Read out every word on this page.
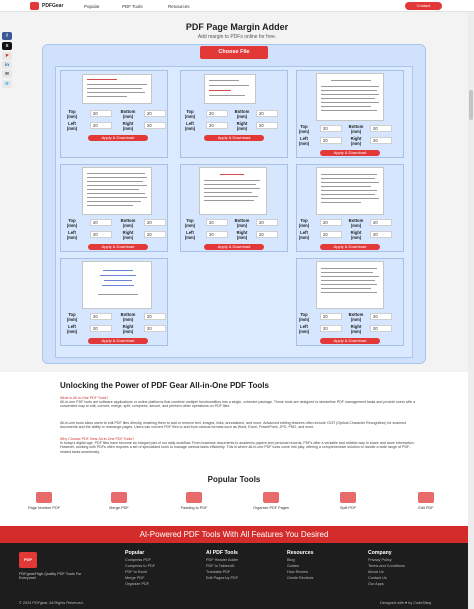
PDFGear	Popular	PDF Tools	Resources	Contact
f
X
P
in
✉
⟳
PDF Page Margin Adder
Add margin to PDFs online for free.
Choose File
Top (mm)
20	Bottom (mm)
20
Left (mm)
20	Right (mm)
20
Apply & Download
Top (mm)
20	Bottom (mm)
20
Left (mm)
20	Right (mm)
20
Apply & Download
Top (mm)
20	Bottom (mm)
20
Left (mm)
20	Right (mm)
20
Apply & Download
Top (mm)
20	Bottom (mm)
20
Left (mm)
20	Right (mm)
20
Apply & Download
Top (mm)
20	Bottom (mm)
20
Left (mm)
20	Right (mm)
20
Apply & Download
Top (mm)
20	Bottom (mm)
20
Left (mm)
20	Right (mm)
20
Apply & Download
Top (mm)
20	Bottom (mm)
20
Left (mm)
20	Right (mm)
20
Apply & Download
Top (mm)
20	Bottom (mm)
20
Left (mm)
20	Right (mm)
20
Apply & Download
Unlocking the Power of PDF Gear All-in-One PDF Tools
What is All-in-One PDF Tools?
All-in-one PDF tools are software applications or online platforms that combine multiple functionalities into a single, cohesive package. These tools are designed to streamline PDF management tasks and provide users with a convenient way to edit, convert, merge, split, compress, secure, and perform other operations on PDF files.
All-in-one tools allow users to edit PDF files directly, enabling them to add or remove text, images, links, annotations, and more. Advanced editing features often include OCR (Optical Character Recognition) for scanned documents and the ability to rearrange pages. Users can convert PDF files to and from various formats such as Word, Excel, PowerPoint, JPG, PNG, and more.
Why Choose PDF Gear All-in-One PDF Tools?
In today's digital age, PDF files have become an integral part of our daily workflow. From business documents to academic papers and personal records, PDFs offer a versatile and reliable way to share and store information. However, working with PDFs often requires a set of specialized tools to manage various tasks efficiently. This is where all-in-one PDF tools come into play, offering a comprehensive solution to handle a wide range of PDF-related tasks seamlessly.
Popular Tools
Page Number PDF	Merge PDF	Padding to PDF	Organize PDF Pages	Split PDF	Edit PDF
AI-Powered PDF Tools With All Features You Desired
PDF
PDFgear/High-Quality PDF Tools For Everyone!
Popular
Compress PDF
Compress to PDF
PDF to Excel
Merge PDF
Organize PDF
AI PDF Tools
PDF Header Adder
PDF to Tables/AI
Translate PDF
Edit Pages by PDF
Resources
Blog
Guides
How Review
Onsite Reviews
Company
Privacy Policy
Terms and Conditions
About Us
Contact Us
Our Apps
© 2024 PDFgear. All Rights Reserved.	Designed with ♥ by CodeSiteq
